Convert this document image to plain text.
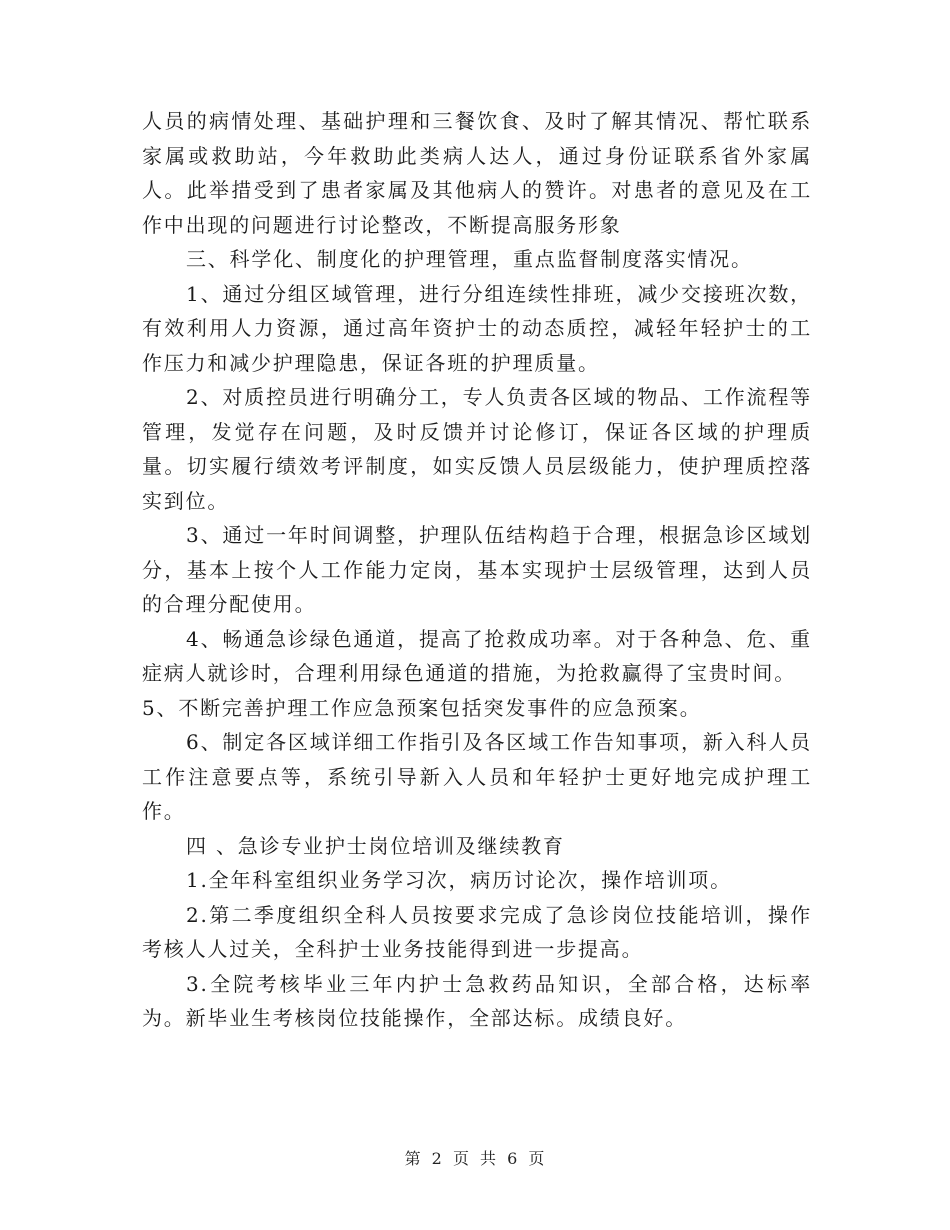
人员的病情处理、基础护理和三餐饮食、及时了解其情况、帮忙联系家属或救助站，今年救助此类病人达人，通过身份证联系省外家属人。此举措受到了患者家属及其他病人的赞许。对患者的意见及在工作中出现的问题进行讨论整改，不断提高服务形象

三、科学化、制度化的护理管理，重点监督制度落实情况。

1、通过分组区域管理，进行分组连续性排班，减少交接班次数，有效利用人力资源，通过高年资护士的动态质控，减轻年轻护士的工作压力和减少护理隐患，保证各班的护理质量。

2、对质控员进行明确分工，专人负责各区域的物品、工作流程等管理，发觉存在问题，及时反馈并讨论修订，保证各区域的护理质量。切实履行绩效考评制度，如实反馈人员层级能力，使护理质控落实到位。

3、通过一年时间调整，护理队伍结构趋于合理，根据急诊区域划分，基本上按个人工作能力定岗，基本实现护士层级管理，达到人员的合理分配使用。

4、畅通急诊绿色通道，提高了抢救成功率。对于各种急、危、重症病人就诊时，合理利用绿色通道的措施，为抢救赢得了宝贵时间。

5、不断完善护理工作应急预案包括突发事件的应急预案。

6、制定各区域详细工作指引及各区域工作告知事项，新入科人员工作注意要点等，系统引导新入人员和年轻护士更好地完成护理工作。

四 、急诊专业护士岗位培训及继续教育

1.全年科室组织业务学习次，病历讨论次，操作培训项。

2.第二季度组织全科人员按要求完成了急诊岗位技能培训，操作考核人人过关，全科护士业务技能得到进一步提高。

3.全院考核毕业三年内护士急救药品知识，全部合格，达标率为。新毕业生考核岗位技能操作，全部达标。成绩良好。

第 2 页 共 6 页
